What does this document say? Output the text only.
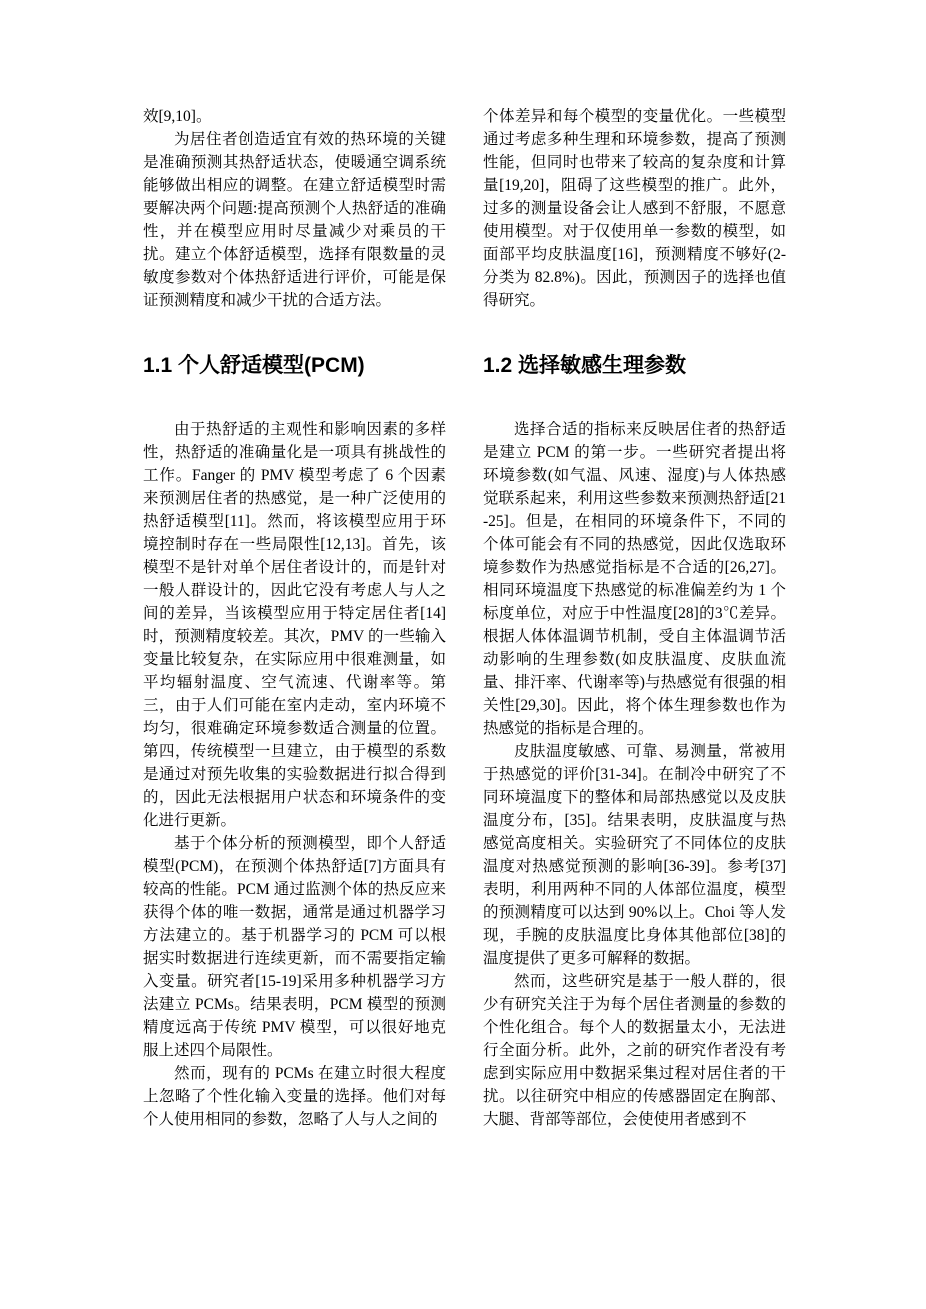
效[9,10]。

为居住者创造适宜有效的热环境的关键是准确预测其热舒适状态，使暖通空调系统能够做出相应的调整。在建立舒适模型时需要解决两个问题:提高预测个人热舒适的准确性，并在模型应用时尽量减少对乘员的干扰。建立个体舒适模型，选择有限数量的灵敏度参数对个体热舒适进行评价，可能是保证预测精度和减少干扰的合适方法。

1.1 个人舒适模型(PCM)

由于热舒适的主观性和影响因素的多样性，热舒适的准确量化是一项具有挑战性的工作。Fanger 的 PMV 模型考虑了 6 个因素来预测居住者的热感觉，是一种广泛使用的热舒适模型[11]。然而，将该模型应用于环境控制时存在一些局限性[12,13]。首先，该模型不是针对单个居住者设计的，而是针对一般人群设计的，因此它没有考虑人与人之间的差异，当该模型应用于特定居住者[14]时，预测精度较差。其次，PMV 的一些输入变量比较复杂，在实际应用中很难测量，如平均辐射温度、空气流速、代谢率等。第三，由于人们可能在室内走动，室内环境不均匀，很难确定环境参数适合测量的位置。第四，传统模型一旦建立，由于模型的系数是通过对预先收集的实验数据进行拟合得到的，因此无法根据用户状态和环境条件的变化进行更新。

基于个体分析的预测模型，即个人舒适模型(PCM)，在预测个体热舒适[7]方面具有较高的性能。PCM 通过监测个体的热反应来获得个体的唯一数据，通常是通过机器学习方法建立的。基于机器学习的 PCM 可以根据实时数据进行连续更新，而不需要指定输入变量。研究者[15-19]采用多种机器学习方法建立 PCMs。结果表明，PCM 模型的预测精度远高于传统 PMV 模型，可以很好地克服上述四个局限性。

然而，现有的 PCMs 在建立时很大程度上忽略了个性化输入变量的选择。他们对每个人使用相同的参数，忽略了人与人之间的

个体差异和每个模型的变量优化。一些模型通过考虑多种生理和环境参数，提高了预测性能，但同时也带来了较高的复杂度和计算量[19,20]，阻碍了这些模型的推广。此外，过多的测量设备会让人感到不舒服，不愿意使用模型。对于仅使用单一参数的模型，如面部平均皮肤温度[16]，预测精度不够好(2-分类为 82.8%)。因此，预测因子的选择也值得研究。

1.2 选择敏感生理参数

选择合适的指标来反映居住者的热舒适是建立 PCM 的第一步。一些研究者提出将环境参数(如气温、风速、湿度)与人体热感觉联系起来，利用这些参数来预测热舒适[21-25]。但是，在相同的环境条件下，不同的个体可能会有不同的热感觉，因此仅选取环境参数作为热感觉指标是不合适的[26,27]。相同环境温度下热感觉的标准偏差约为 1 个标度单位，对应于中性温度[28]的3℃差异。根据人体体温调节机制，受自主体温调节活动影响的生理参数(如皮肤温度、皮肤血流量、排汗率、代谢率等)与热感觉有很强的相关性[29,30]。因此，将个体生理参数也作为热感觉的指标是合理的。

皮肤温度敏感、可靠、易测量，常被用于热感觉的评价[31-34]。在制冷中研究了不同环境温度下的整体和局部热感觉以及皮肤温度分布，[35]。结果表明，皮肤温度与热感觉高度相关。实验研究了不同体位的皮肤温度对热感觉预测的影响[36-39]。参考[37]表明，利用两种不同的人体部位温度，模型的预测精度可以达到 90%以上。Choi 等人发现，手腕的皮肤温度比身体其他部位[38]的温度提供了更多可解释的数据。

然而，这些研究是基于一般人群的，很少有研究关注于为每个居住者测量的参数的个性化组合。每个人的数据量太小，无法进行全面分析。此外，之前的研究作者没有考虑到实际应用中数据采集过程对居住者的干扰。以往研究中相应的传感器固定在胸部、大腿、背部等部位，会使使用者感到不
